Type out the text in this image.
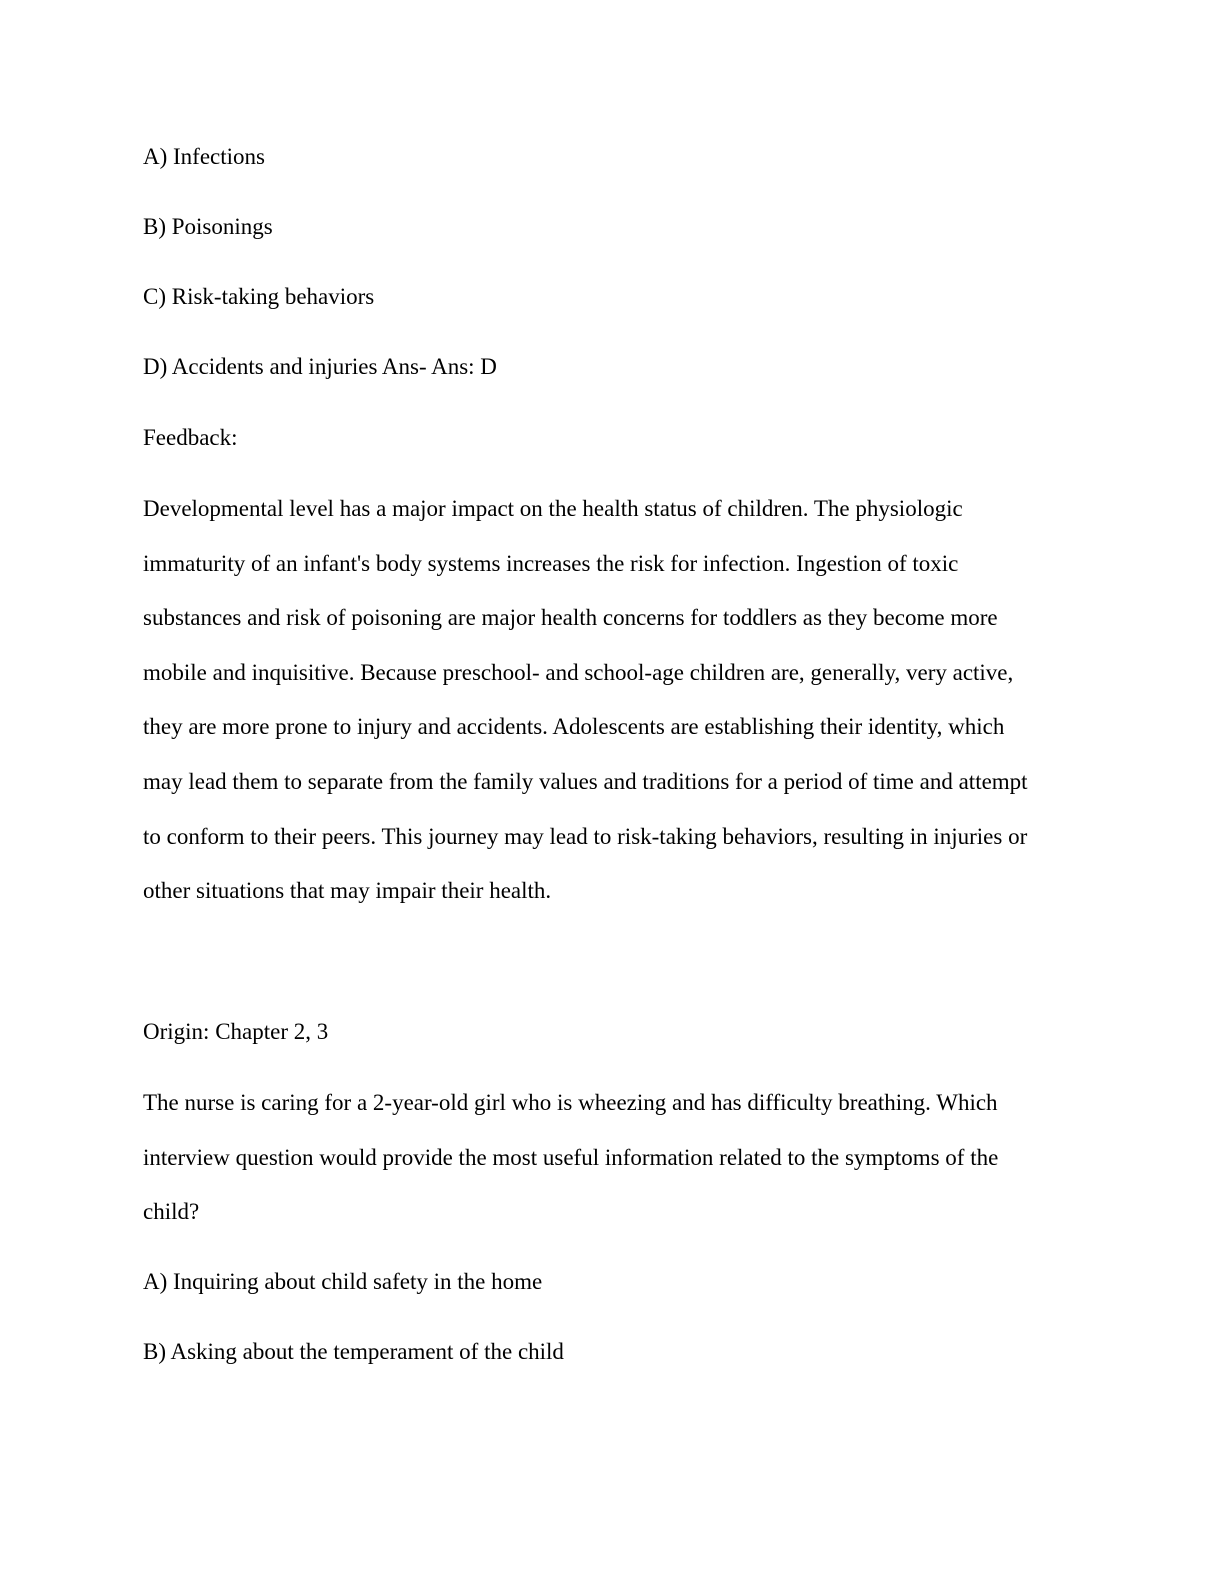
A) Infections

B) Poisonings

C) Risk-taking behaviors

D) Accidents and injuries Ans- Ans: D

Feedback:

Developmental level has a major impact on the health status of children. The physiologic
immaturity of an infant's body systems increases the risk for infection. Ingestion of toxic
substances and risk of poisoning are major health concerns for toddlers as they become more
mobile and inquisitive. Because preschool- and school-age children are, generally, very active,
they are more prone to injury and accidents. Adolescents are establishing their identity, which
may lead them to separate from the family values and traditions for a period of time and attempt
to conform to their peers. This journey may lead to risk-taking behaviors, resulting in injuries or
other situations that may impair their health.

Origin: Chapter 2, 3

The nurse is caring for a 2-year-old girl who is wheezing and has difficulty breathing. Which
interview question would provide the most useful information related to the symptoms of the
child?

A) Inquiring about child safety in the home

B) Asking about the temperament of the child
